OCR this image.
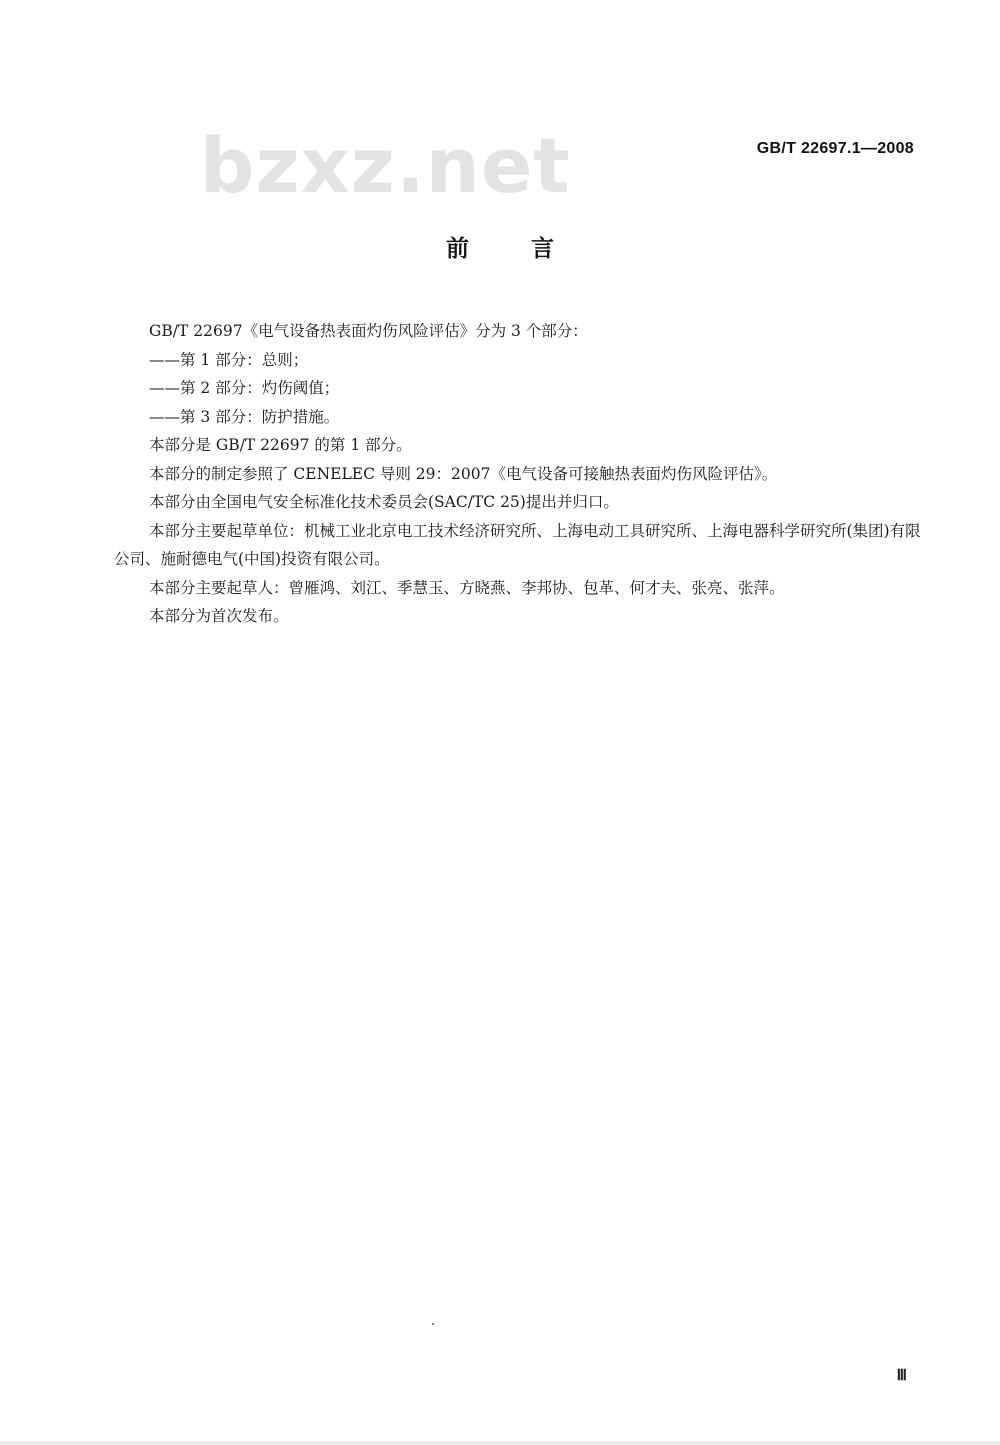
bzxz.net	GB/T 22697.1—2008
前言

GB/T 22697《电气设备热表面灼伤风险评估》分为 3 个部分：

——第 1 部分：总则；

——第 2 部分：灼伤阈值；

——第 3 部分：防护措施。

本部分是 GB/T 22697 的第 1 部分。

本部分的制定参照了 CENELEC 导则 29：2007《电气设备可接触热表面灼伤风险评估》。

本部分由全国电气安全标准化技术委员会(SAC/TC 25)提出并归口。

本部分主要起草单位：机械工业北京电工技术经济研究所、上海电动工具研究所、上海电器科学研究所(集团)有限公司、施耐德电气(中国)投资有限公司。

本部分主要起草人：曾雁鸿、刘江、季慧玉、方晓燕、李邦协、包革、何才夫、张亮、张萍。

本部分为首次发布。

Ⅲ
